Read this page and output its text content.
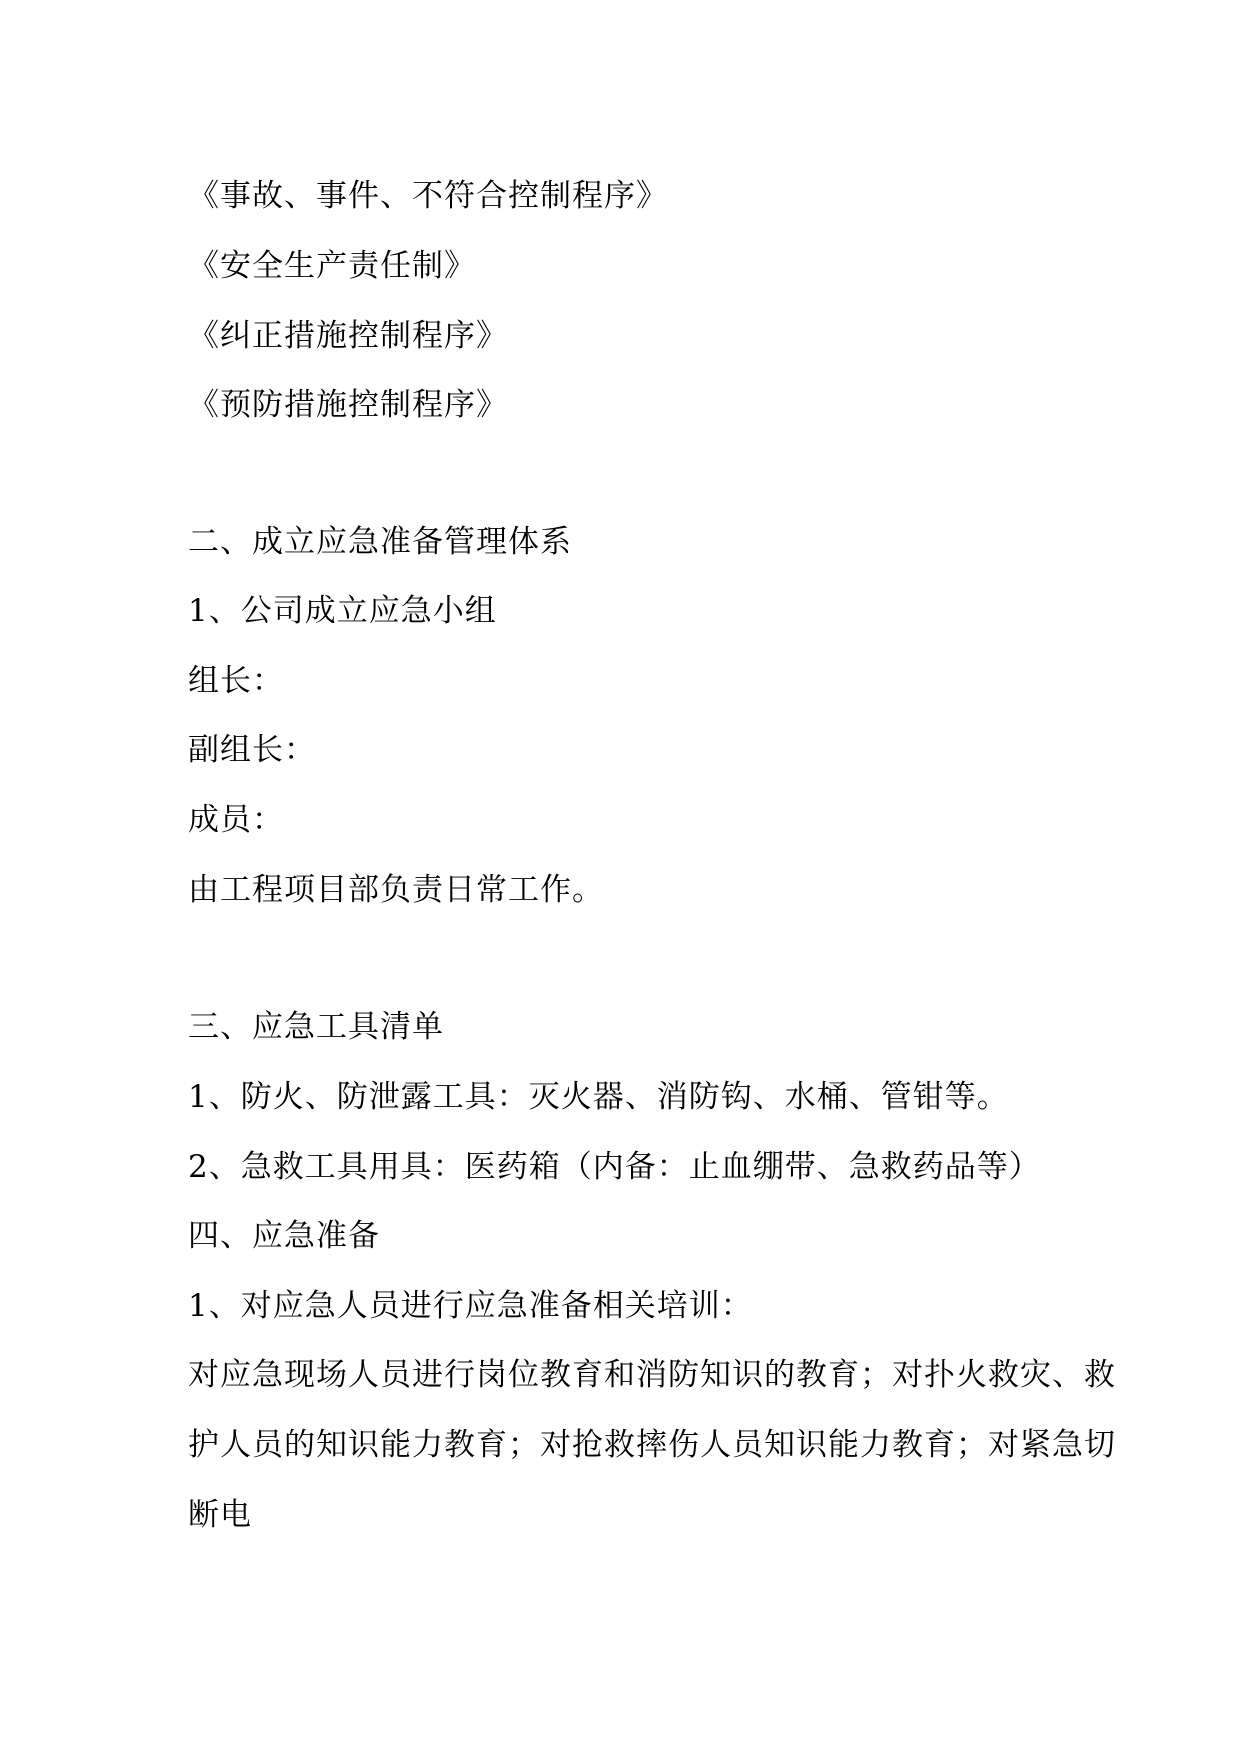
《事故、事件、不符合控制程序》

《安全生产责任制》

《纠正措施控制程序》

《预防措施控制程序》

二、成立应急准备管理体系

1、公司成立应急小组

组长：

副组长：

成员：

由工程项目部负责日常工作。

三、应急工具清单

1、防火、防泄露工具：灭火器、消防钩、水桶、管钳等。

2、急救工具用具：医药箱（内备：止血绷带、急救药品等）

四、应急准备

1、对应急人员进行应急准备相关培训：

对应急现场人员进行岗位教育和消防知识的教育；对扑火救灾、救

护人员的知识能力教育；对抢救摔伤人员知识能力教育；对紧急切

断电
